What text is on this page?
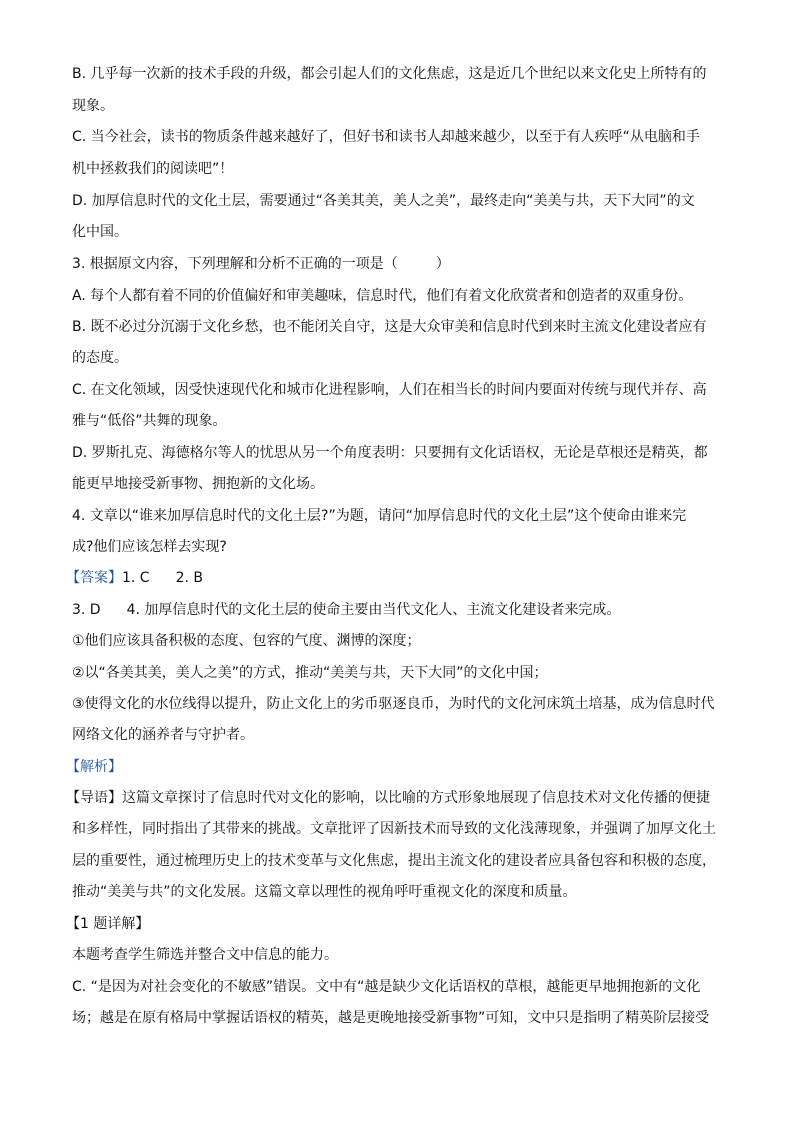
B. 几乎每一次新的技术手段的升级，都会引起人们的文化焦虑，这是近几个世纪以来文化史上所特有的
现象。
C. 当今社会，读书的物质条件越来越好了，但好书和读书人却越来越少，以至于有人疾呼“从电脑和手
机中拯救我们的阅读吧”！
D. 加厚信息时代的文化土层，需要通过“各美其美，美人之美”，最终走向“美美与共，天下大同”的文
化中国。
3. 根据原文内容，下列理解和分析不正确的一项是（	）
A. 每个人都有着不同的价值偏好和审美趣味，信息时代，他们有着文化欣赏者和创造者的双重身份。
B. 既不必过分沉溺于文化乡愁，也不能闭关自守，这是大众审美和信息时代到来时主流文化建设者应有
的态度。
C. 在文化领域，因受快速现代化和城市化进程影响，人们在相当长的时间内要面对传统与现代并存、高
雅与“低俗”共舞的现象。
D. 罗斯扎克、海德格尔等人的忧思从另一个角度表明：只要拥有文化话语权，无论是草根还是精英，都
能更早地接受新事物、拥抱新的文化场。
4. 文章以“谁来加厚信息时代的文化土层?”为题，请问“加厚信息时代的文化土层”这个使命由谁来完
成?他们应该怎样去实现?
【答案】1. C 2. B
3. D 4. 加厚信息时代的文化土层的使命主要由当代文化人、主流文化建设者来完成。
①他们应该具备积极的态度、包容的气度、渊博的深度；
②以“各美其美，美人之美”的方式，推动“美美与共，天下大同”的文化中国；
③使得文化的水位线得以提升，防止文化上的劣币驱逐良币，为时代的文化河床筑土培基，成为信息时代
网络文化的涵养者与守护者。
【解析】
【导语】这篇文章探讨了信息时代对文化的影响，以比喻的方式形象地展现了信息技术对文化传播的便捷
和多样性，同时指出了其带来的挑战。文章批评了因新技术而导致的文化浅薄现象，并强调了加厚文化土
层的重要性，通过梳理历史上的技术变革与文化焦虑，提出主流文化的建设者应具备包容和积极的态度，
推动“美美与共”的文化发展。这篇文章以理性的视角呼吁重视文化的深度和质量。
【1 题详解】
本题考查学生筛选并整合文中信息的能力。
C. “是因为对社会变化的不敏感”错误。文中有“越是缺少文化话语权的草根，越能更早地拥抱新的文化
场；越是在原有格局中掌握话语权的精英，越是更晚地接受新事物”可知，文中只是指明了精英阶层接受
